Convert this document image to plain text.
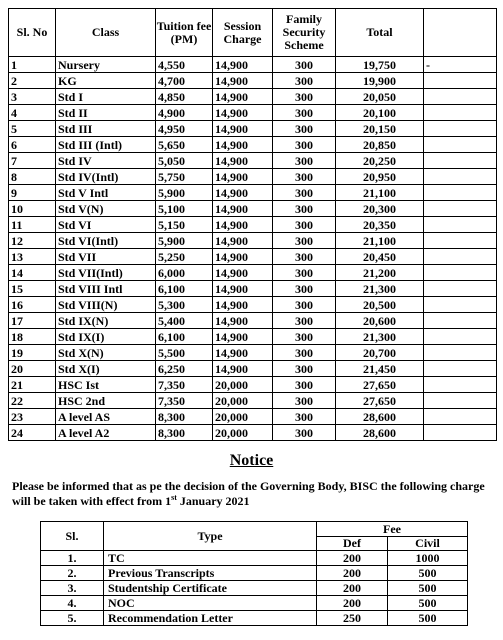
Sl. No	Class	Tuition fee (PM)	Session Charge	Family Security Scheme	Total	
1	Nursery	4,550	14,900	300	19,750	-
2	KG	4,700	14,900	300	19,900	
3	Std I	4,850	14,900	300	20,050	
4	Std II	4,900	14,900	300	20,100	
5	Std III	4,950	14,900	300	20,150	
6	Std III (Intl)	5,650	14,900	300	20,850	
7	Std IV	5,050	14,900	300	20,250	
8	Std IV(Intl)	5,750	14,900	300	20,950	
9	Std V Intl	5,900	14,900	300	21,100	
10	Std V(N)	5,100	14,900	300	20,300	
11	Std VI	5,150	14,900	300	20,350	
12	Std VI(Intl)	5,900	14,900	300	21,100	
13	Std VII	5,250	14,900	300	20,450	
14	Std VII(Intl)	6,000	14,900	300	21,200	
15	Std VIII Intl	6,100	14,900	300	21,300	
16	Std VIII(N)	5,300	14,900	300	20,500	
17	Std IX(N)	5,400	14,900	300	20,600	
18	Std IX(I)	6,100	14,900	300	21,300	
19	Std X(N)	5,500	14,900	300	20,700	
20	Std X(I)	6,250	14,900	300	21,450	
21	HSC Ist	7,350	20,000	300	27,650	
22	HSC 2nd	7,350	20,000	300	27,650	
23	A level AS	8,300	20,000	300	28,600	
24	A level A2	8,300	20,000	300	28,600	
Notice
Please be informed that as pe the decision of the Governing Body, BISC the following charge will be taken with effect from 1st January 2021
Sl.	Type	Fee	
		Def	Civil
1.	TC	200	1000
2.	Previous Transcripts	200	500
3.	Studentship Certificate	200	500
4.	NOC	200	500
5.	Recommendation Letter	250	500
